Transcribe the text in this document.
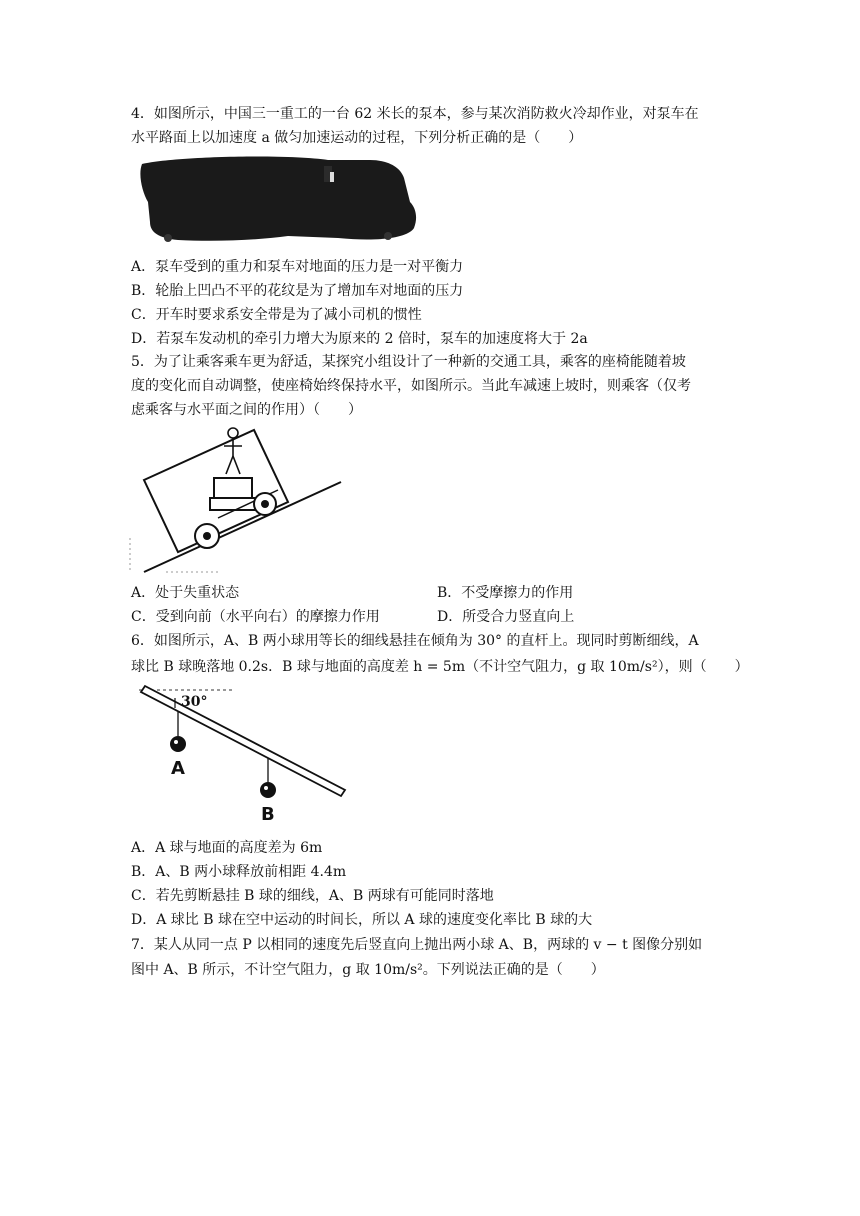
4．如图所示，中国三一重工的一台 62 米长的泵本，参与某次消防救火冷却作业，对泵车在
水平路面上以加速度 a 做匀加速运动的过程，下列分析正确的是（　　）
A．泵车受到的重力和泵车对地面的压力是一对平衡力
B．轮胎上凹凸不平的花纹是为了增加车对地面的压力
C．开车时要求系安全带是为了减小司机的惯性
D．若泵车发动机的牵引力增大为原来的 2 倍时，泵车的加速度将大于 2a
5．为了让乘客乘车更为舒适，某探究小组设计了一种新的交通工具，乘客的座椅能随着坡
度的变化而自动调整，使座椅始终保持水平，如图所示。当此车减速上坡时，则乘客（仅考
虑乘客与水平面之间的作用）（　　）
A．处于失重状态	B．不受摩擦力的作用
C．受到向前（水平向右）的摩擦力作用	D．所受合力竖直向上
6．如图所示，A、B 两小球用等长的细线悬挂在倾角为 30° 的直杆上。现同时剪断细线，A
球比 B 球晚落地 0.2s．B 球与地面的高度差 h = 5m（不计空气阻力，g 取 10m/s²），则（　　）
30°
A
B
A．A 球与地面的高度差为 6m
B．A、B 两小球释放前相距 4.4m
C．若先剪断悬挂 B 球的细线，A、B 两球有可能同时落地
D．A 球比 B 球在空中运动的时间长，所以 A 球的速度变化率比 B 球的大
7．某人从同一点 P 以相同的速度先后竖直向上抛出两小球 A、B，两球的 v − t 图像分别如
图中 A、B 所示，不计空气阻力，g 取 10m/s²。下列说法正确的是（　　）
